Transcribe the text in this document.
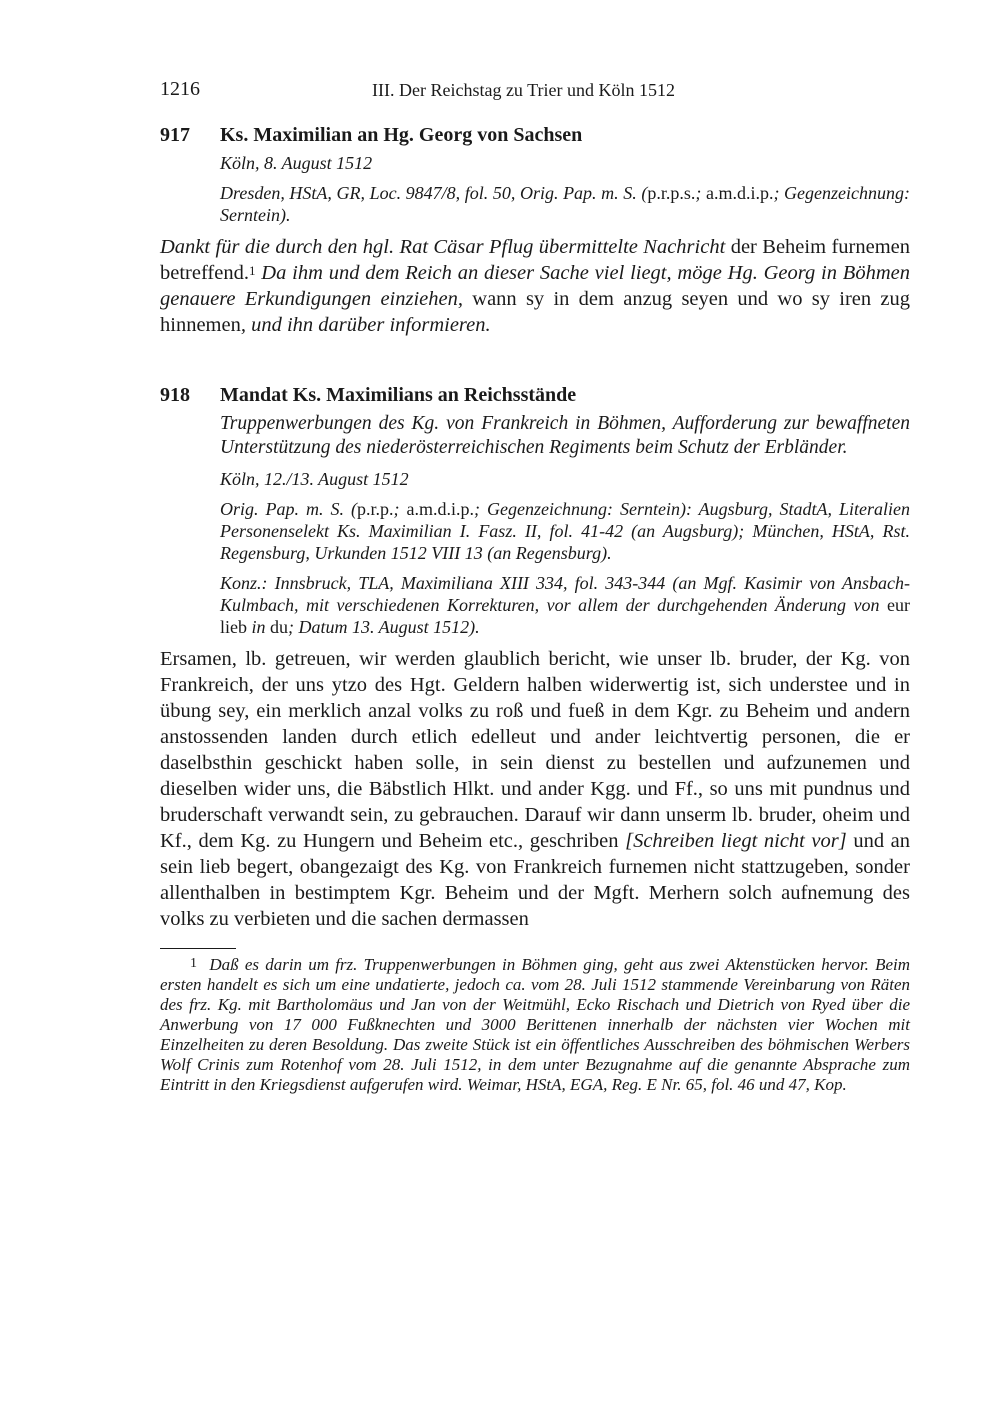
1216	III. Der Reichstag zu Trier und Köln 1512
917 Ks. Maximilian an Hg. Georg von Sachsen

Köln, 8. August 1512

Dresden, HStA, GR, Loc. 9847/8, fol. 50, Orig. Pap. m. S. (p.r.p.s.; a.m.d.i.p.; Gegenzeichnung: Serntein).

Dankt für die durch den hgl. Rat Cäsar Pflug übermittelte Nachricht der Beheim furnemen betreffend.$^1$ Da ihm und dem Reich an dieser Sache viel liegt, möge Hg. Georg in Böhmen genauere Erkundigungen einziehen, wann sy in dem anzug seyen und wo sy iren zug hinnemen, und ihn darüber informieren.

918 Mandat Ks. Maximilians an Reichsstände

Truppenwerbungen des Kg. von Frankreich in Böhmen, Aufforderung zur bewaffneten Unterstützung des niederösterreichischen Regiments beim Schutz der Erbländer.

Köln, 12./13. August 1512

Orig. Pap. m. S. (p.r.p.; a.m.d.i.p.; Gegenzeichnung: Serntein): Augsburg, StadtA, Literalien Personenselekt Ks. Maximilian I. Fasz. II, fol. 41-42 (an Augsburg); München, HStA, Rst. Regensburg, Urkunden 1512 VIII 13 (an Regensburg).

Konz.: Innsbruck, TLA, Maximiliana XIII 334, fol. 343-344 (an Mgf. Kasimir von Ansbach-Kulmbach, mit verschiedenen Korrekturen, vor allem der durchgehenden Änderung von eur lieb in du; Datum 13. August 1512).

Ersamen, lb. getreuen, wir werden glaublich bericht, wie unser lb. bruder, der Kg. von Frankreich, der uns ytzo des Hgt. Geldern halben widerwertig ist, sich understee und in übung sey, ein merklich anzal volks zu roß und fueß in dem Kgr. zu Beheim und andern anstossenden landen durch etlich edelleut und ander leichtvertig personen, die er daselbsthin geschickt haben solle, in sein dienst zu bestellen und aufzunemen und dieselben wider uns, die Bäbstlich Hlkt. und ander Kgg. und Ff., so uns mit pundnus und bruderschaft verwandt sein, zu gebrauchen. Darauf wir dann unserm lb. bruder, oheim und Kf., dem Kg. zu Hungern und Beheim etc., geschriben [Schreiben liegt nicht vor] und an sein lieb begert, obangezaigt des Kg. von Frankreich furnemen nicht stattzugeben, sonder allenthalben in bestimptem Kgr. Beheim und der Mgft. Merhern solch aufnemung des volks zu verbieten und die sachen dermassen

$^1$ Daß es darin um frz. Truppenwerbungen in Böhmen ging, geht aus zwei Aktenstücken hervor. Beim ersten handelt es sich um eine undatierte, jedoch ca. vom 28. Juli 1512 stammende Vereinbarung von Räten des frz. Kg. mit Bartholomäus und Jan von der Weitmühl, Ecko Rischach und Dietrich von Ryed über die Anwerbung von 17 000 Fußknechten und 3000 Berittenen innerhalb der nächsten vier Wochen mit Einzelheiten zu deren Besoldung. Das zweite Stück ist ein öffentliches Ausschreiben des böhmischen Werbers Wolf Crinis zum Rotenhof vom 28. Juli 1512, in dem unter Bezugnahme auf die genannte Absprache zum Eintritt in den Kriegsdienst aufgerufen wird. Weimar, HStA, EGA, Reg. E Nr. 65, fol. 46 und 47, Kop.
